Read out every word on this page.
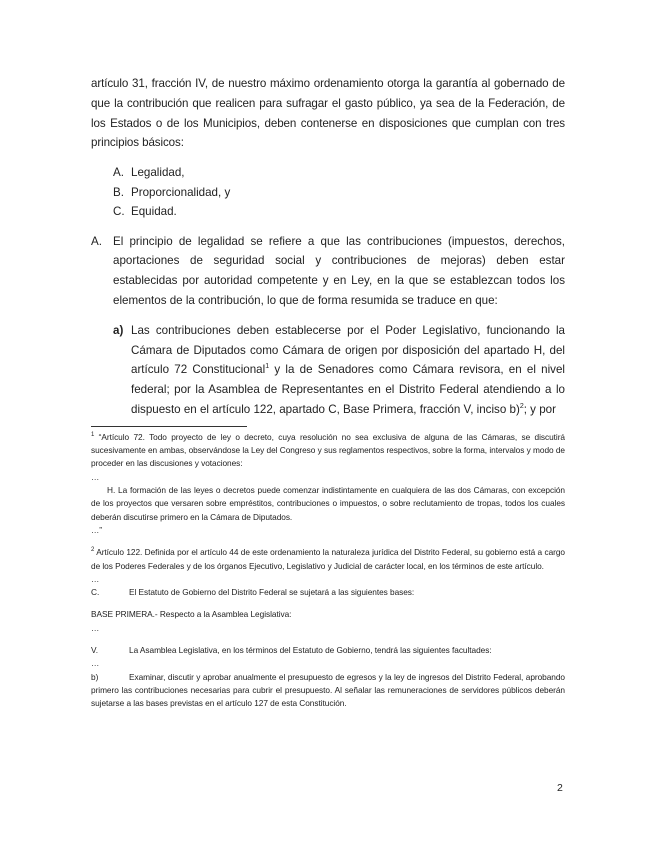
artículo 31, fracción IV, de nuestro máximo ordenamiento otorga la garantía al gobernado de que la contribución que realicen para sufragar el gasto público, ya sea de la Federación, de los Estados o de los Municipios, deben contenerse en disposiciones que cumplan con tres principios básicos:

A. Legalidad,
B. Proporcionalidad, y
C. Equidad.
A. El principio de legalidad se refiere a que las contribuciones (impuestos, derechos, aportaciones de seguridad social y contribuciones de mejoras) deben estar establecidas por autoridad competente y en Ley, en la que se establezcan todos los elementos de la contribución, lo que de forma resumida se traduce en que:
a) Las contribuciones deben establecerse por el Poder Legislativo, funcionando la Cámara de Diputados como Cámara de origen por disposición del apartado H, del artículo 72 Constitucional$^1$ y la de Senadores como Cámara revisora, en el nivel federal; por la Asamblea de Representantes en el Distrito Federal atendiendo a lo dispuesto en el artículo 122, apartado C, Base Primera, fracción V, inciso b)$^2$; y por

$^1$ “Artículo 72. Todo proyecto de ley o decreto, cuya resolución no sea exclusiva de alguna de las Cámaras, se discutirá sucesivamente en ambas, observándose la Ley del Congreso y sus reglamentos respectivos, sobre la forma, intervalos y modo de proceder en las discusiones y votaciones:

…

H. La formación de las leyes o decretos puede comenzar indistintamente en cualquiera de las dos Cámaras, con excepción de los proyectos que versaren sobre empréstitos, contribuciones o impuestos, o sobre reclutamiento de tropas, todos los cuales deberán discutirse primero en la Cámara de Diputados.

…”

$^2$ Artículo 122. Definida por el artículo 44 de este ordenamiento la naturaleza jurídica del Distrito Federal, su gobierno está a cargo de los Poderes Federales y de los órganos Ejecutivo, Legislativo y Judicial de carácter local, en los términos de este artículo.

…

C.	El Estatuto de Gobierno del Distrito Federal se sujetará a las siguientes bases:

BASE PRIMERA.- Respecto a la Asamblea Legislativa:

…

V.	La Asamblea Legislativa, en los términos del Estatuto de Gobierno, tendrá las siguientes facultades:

…

b)	Examinar, discutir y aprobar anualmente el presupuesto de egresos y la ley de ingresos del Distrito Federal, aprobando primero las contribuciones necesarias para cubrir el presupuesto. Al señalar las remuneraciones de servidores públicos deberán sujetarse a las bases previstas en el artículo 127 de esta Constitución.

2
